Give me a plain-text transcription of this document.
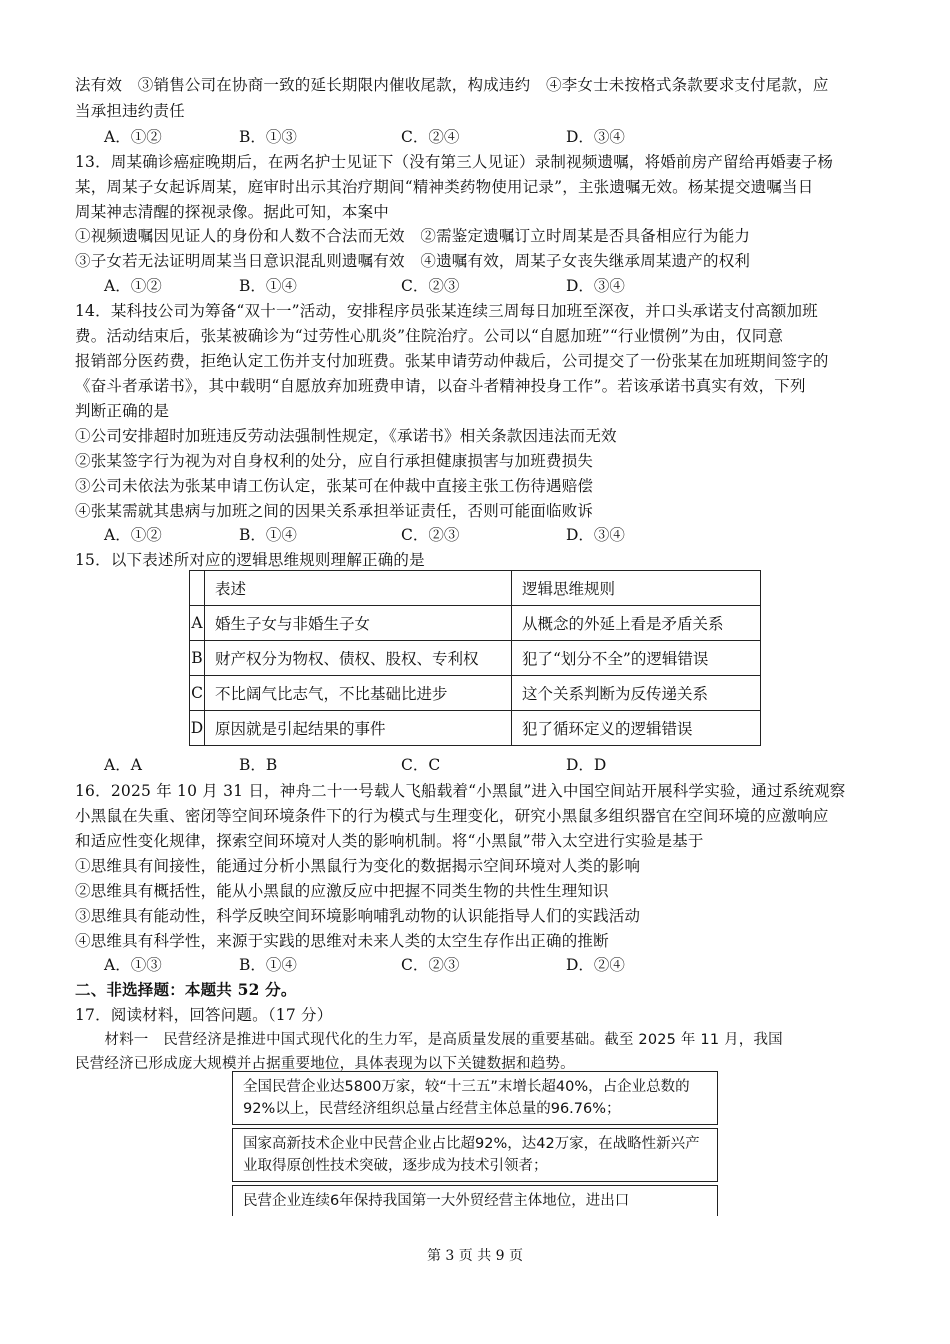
法有效　③销售公司在协商一致的延长期限内催收尾款，构成违约　④李女士未按格式条款要求支付尾款，应
当承担违约责任
A．①②	B．①③	C．②④	D．③④
13．周某确诊癌症晚期后，在两名护士见证下（没有第三人见证）录制视频遗嘱，将婚前房产留给再婚妻子杨
某，周某子女起诉周某，庭审时出示其治疗期间“精神类药物使用记录”，主张遗嘱无效。杨某提交遗嘱当日
周某神志清醒的探视录像。据此可知，本案中
①视频遗嘱因见证人的身份和人数不合法而无效　②需鉴定遗嘱订立时周某是否具备相应行为能力
③子女若无法证明周某当日意识混乱则遗嘱有效　④遗嘱有效，周某子女丧失继承周某遗产的权利
A．①②	B．①④	C．②③	D．③④
14．某科技公司为筹备“双十一”活动，安排程序员张某连续三周每日加班至深夜，并口头承诺支付高额加班
费。活动结束后，张某被确诊为“过劳性心肌炎”住院治疗。公司以“自愿加班”“行业惯例”为由，仅同意
报销部分医药费，拒绝认定工伤并支付加班费。张某申请劳动仲裁后，公司提交了一份张某在加班期间签字的
《奋斗者承诺书》，其中载明“自愿放弃加班费申请，以奋斗者精神投身工作”。若该承诺书真实有效，下列
判断正确的是
①公司安排超时加班违反劳动法强制性规定，《承诺书》相关条款因违法而无效
②张某签字行为视为对自身权利的处分，应自行承担健康损害与加班费损失
③公司未依法为张某申请工伤认定，张某可在仲裁中直接主张工伤待遇赔偿
④张某需就其患病与加班之间的因果关系承担举证责任，否则可能面临败诉
A．①②	B．①④	C．②③	D．③④
15．以下表述所对应的逻辑思维规则理解正确的是
	表述	逻辑思维规则
A	婚生子女与非婚生子女	从概念的外延上看是矛盾关系
B	财产权分为物权、债权、股权、专利权	犯了“划分不全”的逻辑错误
C	不比阔气比志气，不比基础比进步	这个关系判断为反传递关系
D	原因就是引起结果的事件	犯了循环定义的逻辑错误
A．A	B．B	C．C	D．D
16．2025 年 10 月 31 日，神舟二十一号载人飞船载着“小黑鼠”进入中国空间站开展科学实验，通过系统观察
小黑鼠在失重、密闭等空间环境条件下的行为模式与生理变化，研究小黑鼠多组织器官在空间环境的应激响应
和适应性变化规律，探索空间环境对人类的影响机制。将“小黑鼠”带入太空进行实验是基于
①思维具有间接性，能通过分析小黑鼠行为变化的数据揭示空间环境对人类的影响
②思维具有概括性，能从小黑鼠的应激反应中把握不同类生物的共性生理知识
③思维具有能动性，科学反映空间环境影响哺乳动物的认识能指导人们的实践活动
④思维具有科学性，来源于实践的思维对未来人类的太空生存作出正确的推断
A．①③	B．①④	C．②③	D．②④
二、非选择题：本题共 52 分。
17．阅读材料，回答问题。（17 分）
　　材料一　民营经济是推进中国式现代化的生力军，是高质量发展的重要基础。截至 2025 年 11 月，我国
民营经济已形成庞大规模并占据重要地位，具体表现为以下关键数据和趋势。
全国民营企业达5800万家，较“十三五”末增长超40%，占企业总数的92%以上，民营经济组织总量占经营主体总量的96.76%；
国家高新技术企业中民营企业占比超92%，达42万家，在战略性新兴产业取得原创性技术突破，逐步成为技术引领者；
民营企业连续6年保持我国第一大外贸经营主体地位，进出口
第 3 页 共 9 页
